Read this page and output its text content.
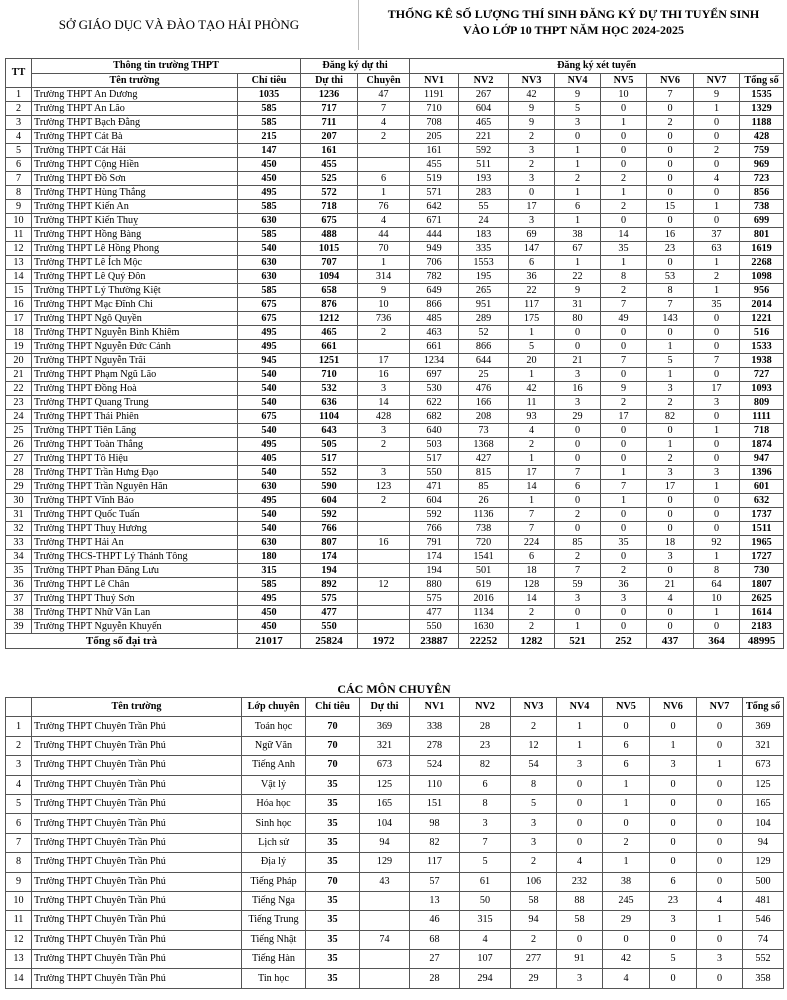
SỞ GIÁO DỤC VÀ ĐÀO TẠO HẢI PHÒNG
THỐNG KÊ SỐ LƯỢNG THÍ SINH ĐĂNG KÝ DỰ THI TUYỂN SINH
VÀO LỚP 10 THPT NĂM HỌC 2024-2025
TT	Thông tin trường THPT		Đăng ký dự thi		Đăng ký xét tuyển							
	Tên trường	Chỉ tiêu	Dự thi	Chuyên	NV1	NV2	NV3	NV4	NV5	NV6	NV7	Tổng số
1	Trường THPT An Dương	1035	1236	47	1191	267	42	9	10	7	9	1535
2	Trường THPT An Lão	585	717	7	710	604	9	5	0	0	1	1329
3	Trường THPT Bạch Đằng	585	711	4	708	465	9	3	1	2	0	1188
4	Trường THPT Cát Bà	215	207	2	205	221	2	0	0	0	0	428
5	Trường THPT Cát Hải	147	161		161	592	3	1	0	0	2	759
6	Trường THPT Cộng Hiền	450	455		455	511	2	1	0	0	0	969
7	Trường THPT Đồ Sơn	450	525	6	519	193	3	2	2	0	4	723
8	Trường THPT Hùng Thắng	495	572	1	571	283	0	1	1	0	0	856
9	Trường THPT Kiến An	585	718	76	642	55	17	6	2	15	1	738
10	Trường THPT Kiến Thuỵ	630	675	4	671	24	3	1	0	0	0	699
11	Trường THPT Hồng Bàng	585	488	44	444	183	69	38	14	16	37	801
12	Trường THPT Lê Hồng Phong	540	1015	70	949	335	147	67	35	23	63	1619
13	Trường THPT Lê Ích Mộc	630	707	1	706	1553	6	1	1	0	1	2268
14	Trường THPT Lê Quý Đôn	630	1094	314	782	195	36	22	8	53	2	1098
15	Trường THPT Lý Thường Kiệt	585	658	9	649	265	22	9	2	8	1	956
16	Trường THPT Mạc Đĩnh Chi	675	876	10	866	951	117	31	7	7	35	2014
17	Trường THPT Ngô Quyền	675	1212	736	485	289	175	80	49	143	0	1221
18	Trường THPT Nguyễn Bình Khiêm	495	465	2	463	52	1	0	0	0	0	516
19	Trường THPT Nguyễn Đức Cảnh	495	661		661	866	5	0	0	1	0	1533
20	Trường THPT Nguyễn Trãi	945	1251	17	1234	644	20	21	7	5	7	1938
21	Trường THPT Phạm Ngũ Lão	540	710	16	697	25	1	3	0	1	0	727
22	Trường THPT Đồng Hoà	540	532	3	530	476	42	16	9	3	17	1093
23	Trường THPT Quang Trung	540	636	14	622	166	11	3	2	2	3	809
24	Trường THPT Thái Phiên	675	1104	428	682	208	93	29	17	82	0	1111
25	Trường THPT Tiên Lãng	540	643	3	640	73	4	0	0	0	1	718
26	Trường THPT Toàn Thắng	495	505	2	503	1368	2	0	0	1	0	1874
27	Trường THPT Tô Hiệu	405	517		517	427	1	0	0	2	0	947
28	Trường THPT Trần Hưng Đạo	540	552	3	550	815	17	7	1	3	3	1396
29	Trường THPT Trần Nguyên Hãn	630	590	123	471	85	14	6	7	17	1	601
30	Trường THPT Vĩnh Bảo	495	604	2	604	26	1	0	1	0	0	632
31	Trường THPT Quốc Tuấn	540	592		592	1136	7	2	0	0	0	1737
32	Trường THPT Thuỵ Hương	540	766		766	738	7	0	0	0	0	1511
33	Trường THPT Hải An	630	807	16	791	720	224	85	35	18	92	1965
34	Trường THCS-THPT Lý Thánh Tông	180	174		174	1541	6	2	0	3	1	1727
35	Trường THPT Phan Đăng Lưu	315	194		194	501	18	7	2	0	8	730
36	Trường THPT Lê Chân	585	892	12	880	619	128	59	36	21	64	1807
37	Trường THPT Thuỷ Sơn	495	575		575	2016	14	3	3	4	10	2625
38	Trường THPT Nhữ Văn Lan	450	477		477	1134	2	0	0	0	1	1614
39	Trường THPT Nguyễn Khuyến	450	550		550	1630	2	1	0	0	0	2183
Tổng số đại trà		21017	25824	1972	23887	22252	1282	521	252	437	364	48995
CÁC MÔN CHUYÊN
	Tên trường	Lớp chuyên	Chỉ tiêu	Dự thi	NV1	NV2	NV3	NV4	NV5	NV6	NV7	Tổng số
1	Trường THPT Chuyên Trần Phú	Toán học	70	369	338	28	2	1	0	0	0	369
2	Trường THPT Chuyên Trần Phú	Ngữ Văn	70	321	278	23	12	1	6	1	0	321
3	Trường THPT Chuyên Trần Phú	Tiếng Anh	70	673	524	82	54	3	6	3	1	673
4	Trường THPT Chuyên Trần Phú	Vật lý	35	125	110	6	8	0	1	0	0	125
5	Trường THPT Chuyên Trần Phú	Hóa học	35	165	151	8	5	0	1	0	0	165
6	Trường THPT Chuyên Trần Phú	Sinh học	35	104	98	3	3	0	0	0	0	104
7	Trường THPT Chuyên Trần Phú	Lịch sử	35	94	82	7	3	0	2	0	0	94
8	Trường THPT Chuyên Trần Phú	Địa lý	35	129	117	5	2	4	1	0	0	129
9	Trường THPT Chuyên Trần Phú	Tiếng Pháp	70	43	57	61	106	232	38	6	0	500
10	Trường THPT Chuyên Trần Phú	Tiếng Nga	35		13	50	58	88	245	23	4	481
11	Trường THPT Chuyên Trần Phú	Tiếng Trung	35		46	315	94	58	29	3	1	546
12	Trường THPT Chuyên Trần Phú	Tiếng Nhật	35	74	68	4	2	0	0	0	0	74
13	Trường THPT Chuyên Trần Phú	Tiếng Hàn	35		27	107	277	91	42	5	3	552
14	Trường THPT Chuyên Trần Phú	Tin học	35		28	294	29	3	4	0	0	358
